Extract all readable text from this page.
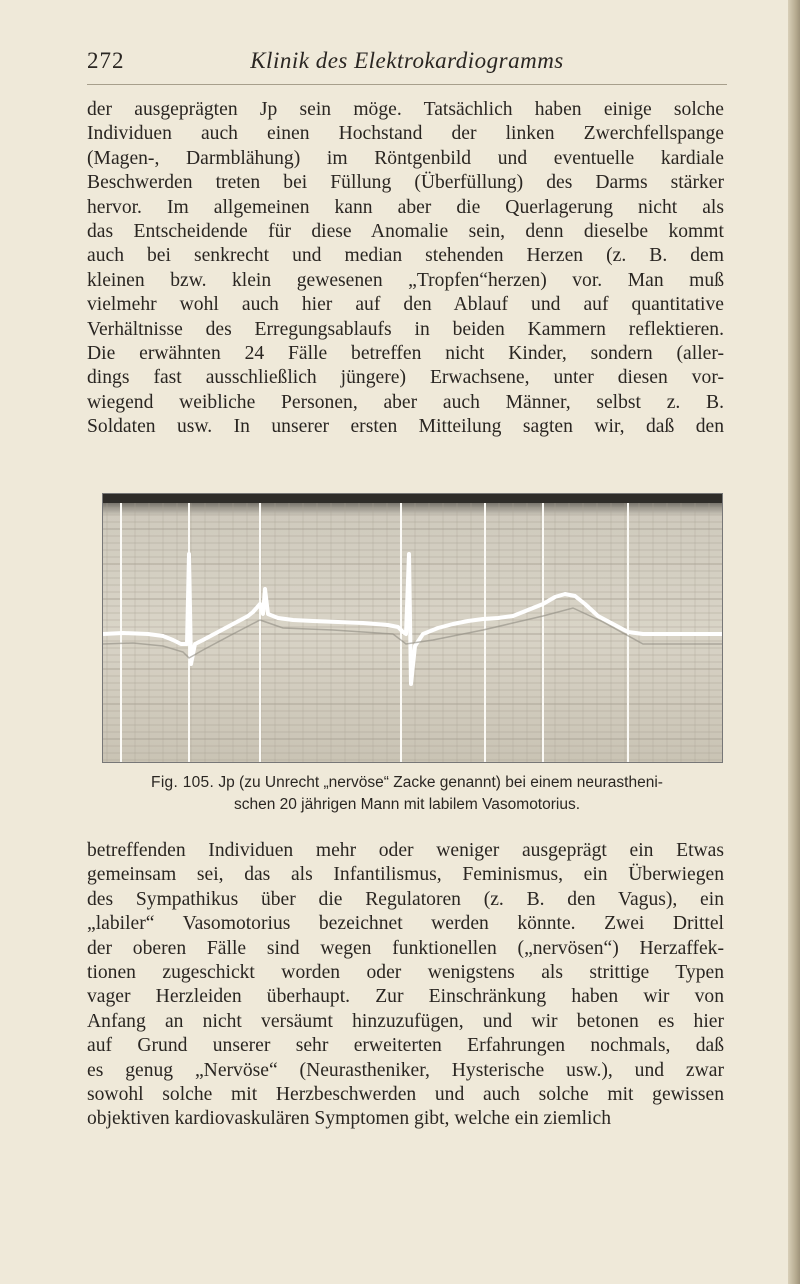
272	Klinik des Elektrokardiogramms
der ausgeprägten Jp sein möge. Tatsächlich haben einige solche
Individuen auch einen Hochstand der linken Zwerchfellspange
(Magen-, Darmblähung) im Röntgenbild und eventuelle kardiale
Beschwerden treten bei Füllung (Überfüllung) des Darms stärker
hervor. Im allgemeinen kann aber die Querlagerung nicht als
das Entscheidende für diese Anomalie sein, denn dieselbe kommt
auch bei senkrecht und median stehenden Herzen (z. B. dem
kleinen bzw. klein gewesenen „Tropfen“herzen) vor. Man muß
vielmehr wohl auch hier auf den Ablauf und auf quantitative
Verhältnisse des Erregungsablaufs in beiden Kammern reflektieren.
Die erwähnten 24 Fälle betreffen nicht Kinder, sondern (aller-
dings fast ausschließlich jüngere) Erwachsene, unter diesen vor-
wiegend weibliche Personen, aber auch Männer, selbst z. B.
Soldaten usw. In unserer ersten Mitteilung sagten wir, daß den
Fig. 105. Jp (zu Unrecht „nervöse“ Zacke genannt) bei einem neurastheni-
schen 20 jährigen Mann mit labilem Vasomotorius.
betreffenden Individuen mehr oder weniger ausgeprägt ein Etwas
gemeinsam sei, das als Infantilismus, Feminismus, ein Überwiegen
des Sympathikus über die Regulatoren (z. B. den Vagus), ein
„labiler“ Vasomotorius bezeichnet werden könnte. Zwei Drittel
der oberen Fälle sind wegen funktionellen („nervösen“) Herzaffek-
tionen zugeschickt worden oder wenigstens als strittige Typen
vager Herzleiden überhaupt. Zur Einschränkung haben wir von
Anfang an nicht versäumt hinzuzufügen, und wir betonen es hier
auf Grund unserer sehr erweiterten Erfahrungen nochmals, daß
es genug „Nervöse“ (Neurastheniker, Hysterische usw.), und zwar
sowohl solche mit Herzbeschwerden und auch solche mit gewissen
objektiven kardiovaskulären Symptomen gibt, welche ein ziemlich
